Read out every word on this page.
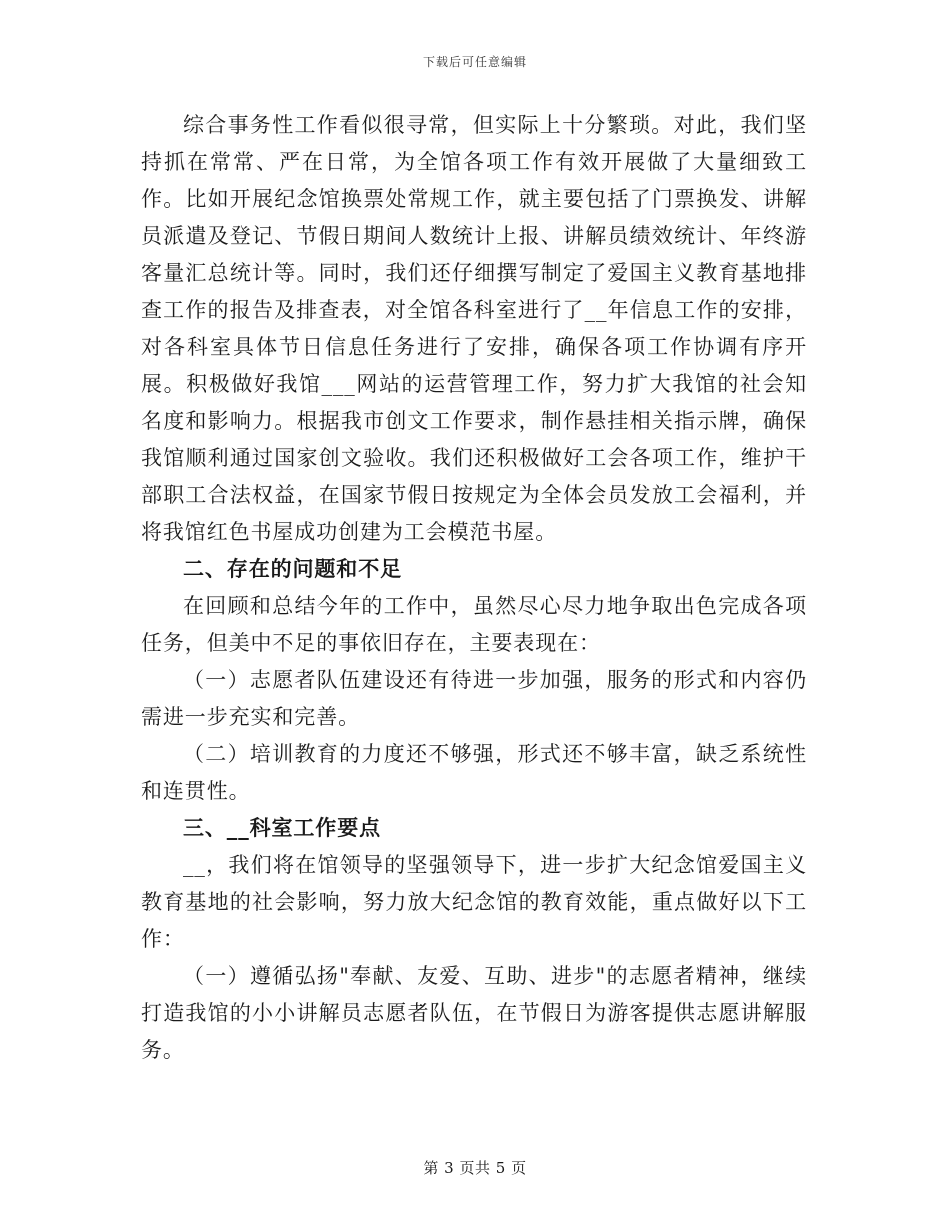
下载后可任意编辑

综合事务性工作看似很寻常，但实际上十分繁琐。对此，我们坚持抓在常常、严在日常，为全馆各项工作有效开展做了大量细致工作。比如开展纪念馆换票处常规工作，就主要包括了门票换发、讲解员派遣及登记、节假日期间人数统计上报、讲解员绩效统计、年终游客量汇总统计等。同时，我们还仔细撰写制定了爱国主义教育基地排查工作的报告及排查表，对全馆各科室进行了__年信息工作的安排，对各科室具体节日信息任务进行了安排，确保各项工作协调有序开展。积极做好我馆___网站的运营管理工作，努力扩大我馆的社会知名度和影响力。根据我市创文工作要求，制作悬挂相关指示牌，确保我馆顺利通过国家创文验收。我们还积极做好工会各项工作，维护干部职工合法权益，在国家节假日按规定为全体会员发放工会福利，并将我馆红色书屋成功创建为工会模范书屋。

二、存在的问题和不足

在回顾和总结今年的工作中，虽然尽心尽力地争取出色完成各项任务，但美中不足的事依旧存在，主要表现在：

（一）志愿者队伍建设还有待进一步加强，服务的形式和内容仍需进一步充实和完善。

（二）培训教育的力度还不够强，形式还不够丰富，缺乏系统性和连贯性。

三、__科室工作要点

__，我们将在馆领导的坚强领导下，进一步扩大纪念馆爱国主义教育基地的社会影响，努力放大纪念馆的教育效能，重点做好以下工作：

（一）遵循弘扬"奉献、友爱、互助、进步"的志愿者精神，继续打造我馆的小小讲解员志愿者队伍，在节假日为游客提供志愿讲解服务。

第 3 页共 5 页
